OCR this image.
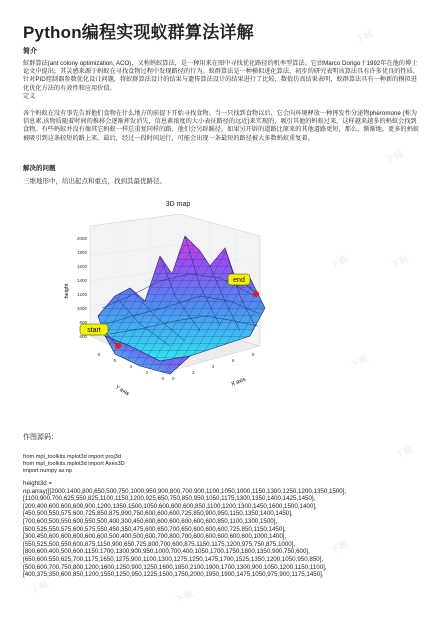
Python编程实现蚁群算法详解
简介
蚁群算法(ant colony optimization, ACO)，又称蚂蚁算法，是一种用来在图中寻找优化路径的机率型算法。它由Marco Dorigo于1992年在他的博士论文中提出，其灵感来源于蚂蚁在寻找食物过程中发现路径的行为。蚁群算法是一种模拟进化算法，初步的研究表明该算法具有许多优良的性质。针对PID控制器参数优化设计问题，将蚁群算法设计的结果与遗传算法设计的结果进行了比较，数值仿真结果表明，蚁群算法具有一种新的模拟进化优化方法的有效性和应用价值。
定义
各个蚂蚁在没有事先告诉他们食物在什么地方的前提下开始寻找食物。当一只找到食物以后，它会向环境释放一种挥发性分泌物pheromone (称为信息素,该物质随着时间的推移会逐渐挥发消失，信息素浓度的大小表征路径的远近)来实现的，吸引其他的蚂蚁过来，这样越来越多的蚂蚁会找到食物。有些蚂蚁并没有像其它蚂蚁一样总重复同样的路，他们会另辟蹊径，如果另开辟的道路比原来的其他道路更短，那么，渐渐地，更多的蚂蚁被吸引到这条较短的路上来。最后，经过一段时间运行，可能会出现一条最短的路径被大多数蚂蚁重复着。
解决的问题
三维地形中，给出起点和重点，找到其最优路径。
3D map
start
end
600
800
1000
1200
1400
1600
1800
2000
height
0
2
4
6
8
X axis
0
2
4
6
8
Y axis
作图源码：
from mpl_toolkits.mplot3d import proj3d
from mpl_toolkits.mplot3d import Axes3D
import numpy as np
height3d =
np.array([[2000,1400,800,650,500,750,1000,950,900,800,700,900,1100,1050,1000,1150,1300,1250,1200,1350,1500],
[1100,900,700,625,550,825,1100,1150,1200,925,650,750,850,950,1050,1175,1300,1350,1400,1425,1450],
[200,400,600,600,600,900,1200,1350,1500,1050,600,600,600,850,1100,1200,1300,1450,1600,1500,1400],
[450,500,550,575,600,725,850,875,900,750,600,600,600,725,850,900,950,1150,1350,1400,1450],
[700,600,500,550,600,550,500,400,300,450,600,600,600,600,600,600,850,1100,1300,1500],
[500,525,550,575,600,575,550,450,350,475,600,650,700,650,600,600,600,725,850,1150,1450],
[300,450,600,600,600,600,600,500,400,500,600,700,800,700,600,600,600,600,600,1000,1400],
[550,525,500,550,600,875,1150,900,650,725,800,700,600,875,1150,1175,1200,975,750,875,1000],
[800,600,400,500,600,1150,1700,1300,900,950,1000,700,400,1050,1700,1750,1800,1350,900,750,600],
[650,600,550,625,700,1175,1650,1275,900,1100,1300,1275,1250,1475,1700,1525,1350,1200,1050,950,850],
[500,600,700,750,800,1200,1600,1250,900,1250,1600,1850,2100,1900,1700,1300,900,1050,1200,1150,1100],
[400,375,350,600,850,1200,1550,1250,950,1225,1500,1750,2000,1950,1900,1475,1050,975,900,1175,1450],
下载
下载
下载	下载
下载
下载
下载
下载
下载
